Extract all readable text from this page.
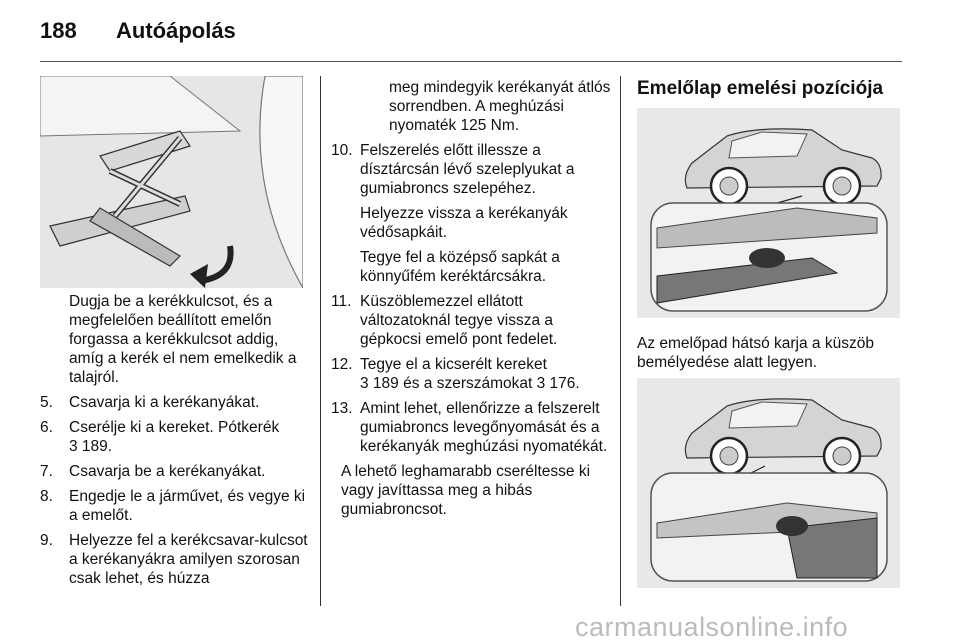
188 Autóápolás

Dugja be a kerékkulcsot, és a megfelelően beállított emelőn forgassa a kerékkulcsot addig, amíg a kerék el nem emelkedik a talajról.

5. Csavarja ki a kerékanyákat.
6. Cserélje ki a kereket. Pótkerék
3 189.
7. Csavarja be a kerékanyákat.
8. Engedje le a járművet, és vegye ki a emelőt.
9. Helyezze fel a kerékcsavar-kulcsot a kerékanyákra amilyen szorosan csak lehet, és húzza

meg mindegyik kerékanyát átlós sorrendben. A meghúzási nyomaték 125 Nm.

10. Felszerelés előtt illessze a dísztárcsán lévő szeleplyukat a gumiabroncs szelepéhez.
Helyezze vissza a kerékanyák védősapkáit.
Tegye fel a középső sapkát a könnyűfém keréktárcsákra.
11. Küszöblemezzel ellátott változatoknál tegye vissza a gépkocsi emelő pont fedelet.
12. Tegye el a kicserélt kereket
3 189 és a szerszámokat 3 176.
13. Amint lehet, ellenőrizze a felszerelt gumiabroncs levegőnyomását és a kerékanyák meghúzási nyomatékát.

A lehető leghamarabb cseréltesse ki vagy javíttassa meg a hibás gumiabroncsot.

Emelőlap emelési pozíciója

Az emelőpad hátsó karja a küszöb bemélyedése alatt legyen.

carmanualsonline.info
